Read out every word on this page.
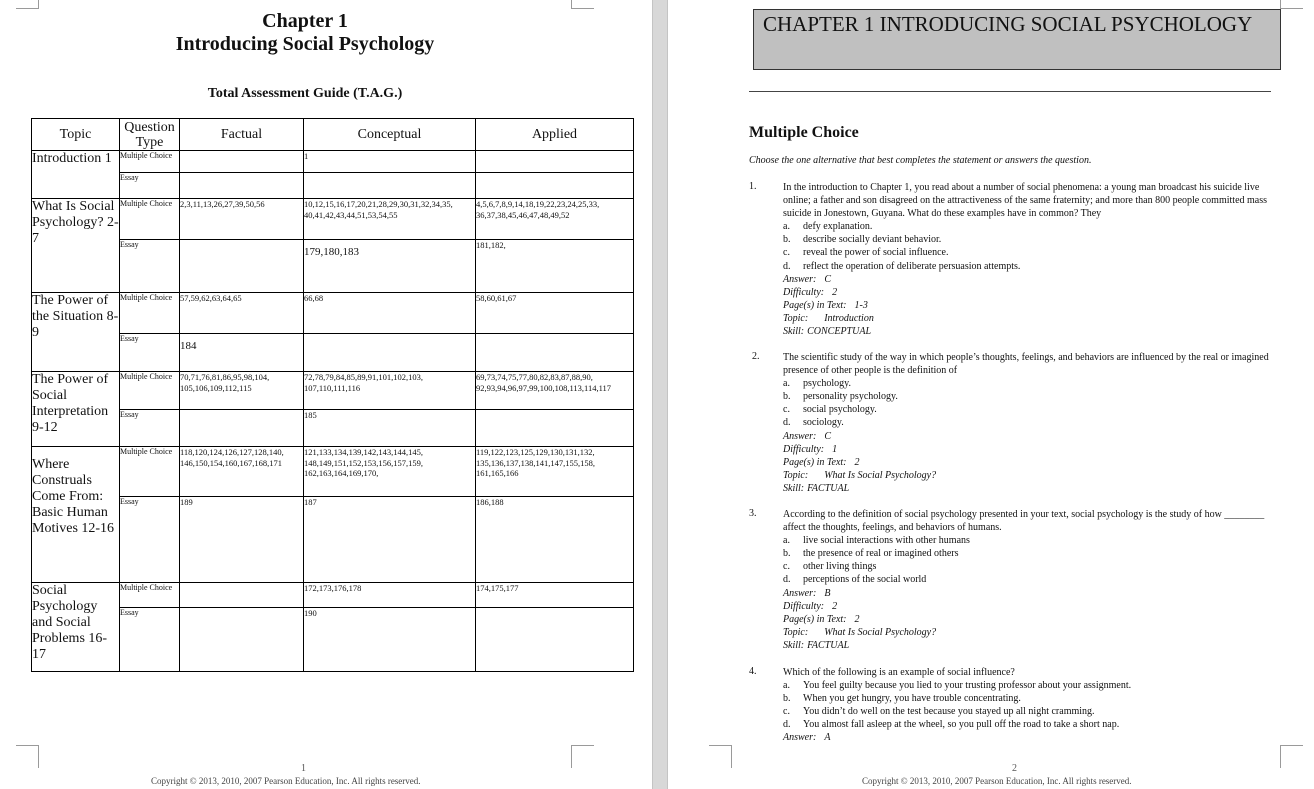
Chapter 1
Introducing Social Psychology
Total Assessment Guide (T.A.G.)
Topic	Question Type	Factual	Conceptual	Applied
Introduction 1	Multiple Choice		1	
	Essay			
What Is Social Psychology? 2-7	Multiple Choice	2,3,11,13,26,27,39,50,56	10,12,15,16,17,20,21,28,29,30,31,32,34,35, 40,41,42,43,44,51,53,54,55	4,5,6,7,8,9,14,18,19,22,23,24,25,33, 36,37,38,45,46,47,48,49,52
	Essay		179,180,183	181,182,
The Power of the Situation 8-9	Multiple Choice	57,59,62,63,64,65	66,68	58,60,61,67
	Essay	184		
The Power of Social Interpretation 9-12	Multiple Choice	70,71,76,81,86,95,98,104, 105,106,109,112,115	72,78,79,84,85,89,91,101,102,103, 107,110,111,116	69,73,74,75,77,80,82,83,87,88,90, 92,93,94,96,97,99,100,108,113,114,117
	Essay		185	
Where Construals Come From: Basic Human Motives 12-16	Multiple Choice	118,120,124,126,127,128,140, 146,150,154,160,167,168,171	121,133,134,139,142,143,144,145, 148,149,151,152,153,156,157,159, 162,163,164,169,170,	119,122,123,125,129,130,131,132, 135,136,137,138,141,147,155,158, 161,165,166
	Essay	189	187	186,188
Social Psychology and Social Problems 16-17	Multiple Choice		172,173,176,178	174,175,177
	Essay		190	
1
Copyright © 2013, 2010, 2007 Pearson Education, Inc. All rights reserved.
CHAPTER 1 INTRODUCING SOCIAL PSYCHOLOGY
Multiple Choice
Choose the one alternative that best completes the statement or answers the question.
1.	In the introduction to Chapter 1, you read about a number of social phenomena: a young man broadcast his suicide live online; a father and son disagreed on the attractiveness of the same fraternity; and more than 800 people committed mass suicide in Jonestown, Guyana. What do these examples have in common? They
a. defy explanation.
b. describe socially deviant behavior.
c. reveal the power of social influence.
d. reflect the operation of deliberate persuasion attempts.
Answer: C
Difficulty: 2
Page(s) in Text: 1-3
Topic: Introduction
Skill: CONCEPTUAL
2. The scientific study of the way in which people’s thoughts, feelings, and behaviors are influenced by the real or imagined presence of other people is the definition of
a. psychology.
b. personality psychology.
c. social psychology.
d. sociology.
Answer: C
Difficulty: 1
Page(s) in Text: 2
Topic: What Is Social Psychology?
Skill: FACTUAL
3.	According to the definition of social psychology presented in your text, social psychology is the study of how ________ affect the thoughts, feelings, and behaviors of humans.
a. live social interactions with other humans
b. the presence of real or imagined others
c. other living things
d. perceptions of the social world
Answer: B
Difficulty: 2
Page(s) in Text: 2
Topic: What Is Social Psychology?
Skill: FACTUAL
4.	Which of the following is an example of social influence?
a. You feel guilty because you lied to your trusting professor about your assignment.
b. When you get hungry, you have trouble concentrating.
c. You didn’t do well on the test because you stayed up all night cramming.
d. You almost fall asleep at the wheel, so you pull off the road to take a short nap.
Answer: A
2
Copyright © 2013, 2010, 2007 Pearson Education, Inc. All rights reserved.
